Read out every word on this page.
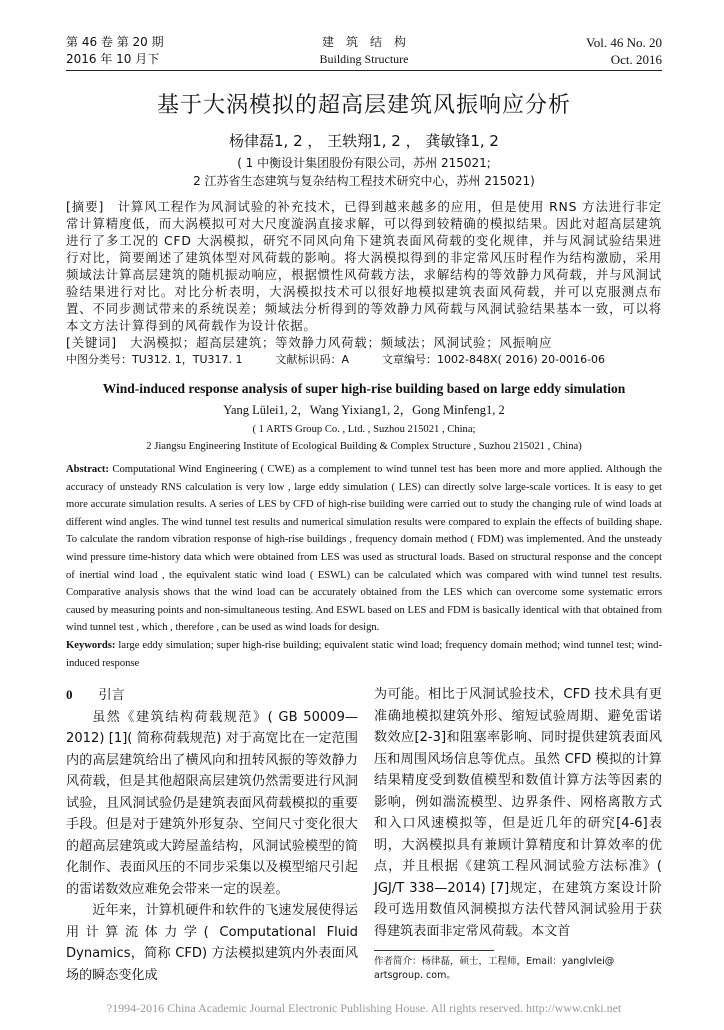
第 46 卷 第 20 期
2016 年 10 月下
建　筑　结　构
Building Structure
Vol. 46 No. 20
Oct. 2016
基于大涡模拟的超高层建筑风振响应分析
杨律磊1, 2 ， 王轶翔1, 2 ， 龚敏锋1, 2
( 1 中衡设计集团股份有限公司，苏州 215021;
2 江苏省生态建筑与复杂结构工程技术研究中心，苏州 215021)
[摘要]　 计算风工程作为风洞试验的补充技术，已得到越来越多的应用，但是使用 RNS 方法进行非定常计算精度低，而大涡模拟可对大尺度漩涡直接求解，可以得到较精确的模拟结果。因此对超高层建筑进行了多工况的 CFD 大涡模拟，研究不同风向角下建筑表面风荷载的变化规律，并与风洞试验结果进行对比，简要阐述了建筑体型对风荷载的影响。将大涡模拟得到的非定常风压时程作为结构激励，采用频域法计算高层建筑的随机振动响应，根据惯性风荷载方法，求解结构的等效静力风荷载，并与风洞试验结果进行对比。对比分析表明，大涡模拟技术可以很好地模拟建筑表面风荷载，并可以克服测点布置、不同步测试带来的系统误差；频域法分析得到的等效静力风荷载与风洞试验结果基本一致，可以将本文方法计算得到的风荷载作为设计依据。
[关键词]　 大涡模拟；超高层建筑；等效静力风荷载；频域法；风洞试验；风振响应
中图分类号：TU312. 1，TU317. 1　　　文献标识码：A　　　文章编号：1002-848X( 2016) 20-0016-06
Wind-induced response analysis of super high-rise building based on large eddy simulation
Yang Lülei1, 2，Wang Yixiang1, 2，Gong Minfeng1, 2
( 1 ARTS Group Co. , Ltd. , Suzhou 215021 , China;
2 Jiangsu Engineering Institute of Ecological Building & Complex Structure , Suzhou 215021 , China)
Abstract: Computational Wind Engineering ( CWE) as a complement to wind tunnel test has been more and more applied. Although the accuracy of unsteady RNS calculation is very low , large eddy simulation ( LES) can directly solve large-scale vortices. It is easy to get more accurate simulation results. A series of LES by CFD of high-rise building were carried out to study the changing rule of wind loads at different wind angles. The wind tunnel test results and numerical simulation results were compared to explain the effects of building shape. To calculate the random vibration response of high-rise buildings , frequency domain method ( FDM) was implemented. And the unsteady wind pressure time-history data which were obtained from LES was used as structural loads. Based on structural response and the concept of inertial wind load , the equivalent static wind load ( ESWL) can be calculated which was compared with wind tunnel test results. Comparative analysis shows that the wind load can be accurately obtained from the LES which can overcome some systematic errors caused by measuring points and non-simultaneous testing. And ESWL based on LES and FDM is basically identical with that obtained from wind tunnel test , which , therefore , can be used as wind loads for design.
Keywords: large eddy simulation; super high-rise building; equivalent static wind load; frequency domain method; wind tunnel test; wind-induced response
0 引言

虽然《建筑结构荷载规范》( GB 50009—2012) [1]( 简称荷载规范) 对于高宽比在一定范围内的高层建筑给出了横风向和扭转风振的等效静力风荷载，但是其他超限高层建筑仍然需要进行风洞试验，且风洞试验仍是建筑表面风荷载模拟的重要手段。但是对于建筑外形复杂、空间尺寸变化很大的超高层建筑或大跨屋盖结构，风洞试验模型的简化制作、表面风压的不同步采集以及模型缩尺引起的雷诺数效应难免会带来一定的误差。

近年来，计算机硬件和软件的飞速发展使得运用计算流体力学( Computational Fluid Dynamics，简称 CFD) 方法模拟建筑内外表面风场的瞬态变化成

为可能。相比于风洞试验技术，CFD 技术具有更准确地模拟建筑外形、缩短试验周期、避免雷诺数效应[2-3]和阻塞率影响、同时提供建筑表面风压和周围风场信息等优点。虽然 CFD 模拟的计算结果精度受到数值模型和数值计算方法等因素的影响，例如湍流模型、边界条件、网格离散方式和入口风速模拟等，但是近几年的研究[4-6]表明，大涡模拟具有兼顾计算精度和计算效率的优点，并且根据《建筑工程风洞试验方法标准》( JGJ/T 338—2014) [7]规定，在建筑方案设计阶段可选用数值风洞模拟方法代替风洞试验用于获得建筑表面非定常风荷载。本文首

作者简介：杨律磊，硕士，工程师，Email：yanglvlei@ artsgroup. com。
?1994-2016 China Academic Journal Electronic Publishing House. All rights reserved. http://www.cnki.net
